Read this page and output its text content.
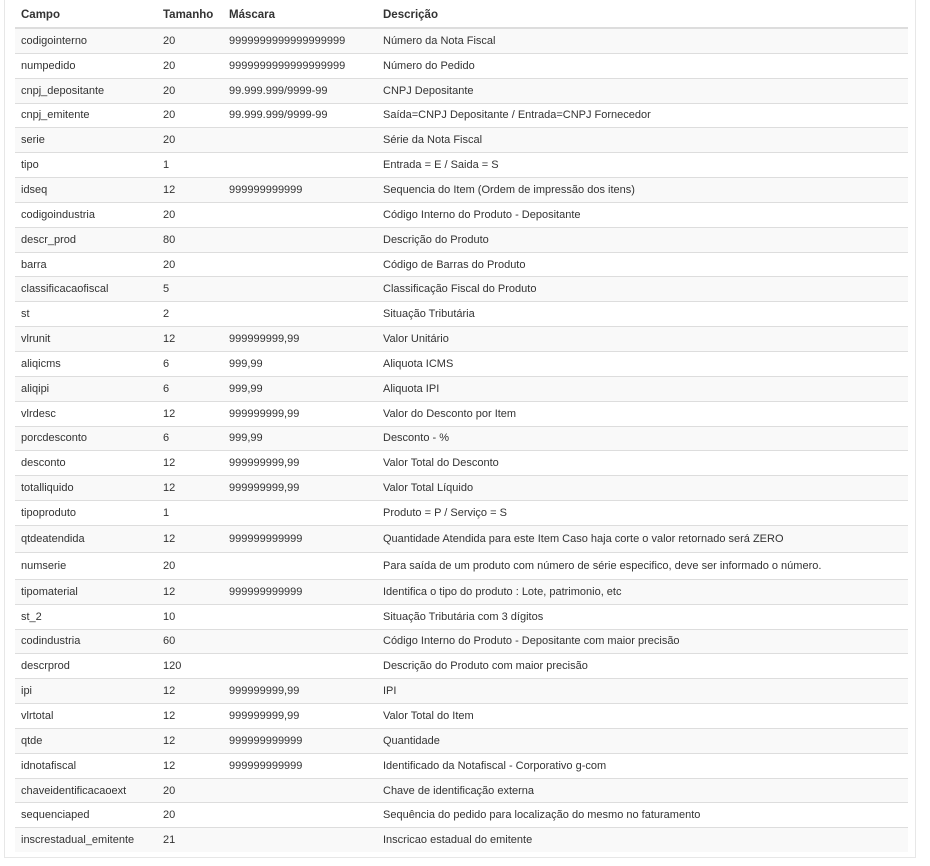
Campo	Tamanho	Máscara	Descrição
codigointerno	20	9999999999999999999	Número da Nota Fiscal
numpedido	20	9999999999999999999	Número do Pedido
cnpj_depositante	20	99.999.999/9999-99	CNPJ Depositante
cnpj_emitente	20	99.999.999/9999-99	Saída=CNPJ Depositante / Entrada=CNPJ Fornecedor
serie	20		Série da Nota Fiscal
tipo	1		Entrada = E / Saida = S
idseq	12	999999999999	Sequencia do Item (Ordem de impressão dos itens)
codigoindustria	20		Código Interno do Produto - Depositante
descr_prod	80		Descrição do Produto
barra	20		Código de Barras do Produto
classificacaofiscal	5		Classificação Fiscal do Produto
st	2		Situação Tributária
vlrunit	12	999999999,99	Valor Unitário
aliqicms	6	999,99	Aliquota ICMS
aliqipi	6	999,99	Aliquota IPI
vlrdesc	12	999999999,99	Valor do Desconto por Item
porcdesconto	6	999,99	Desconto - %
desconto	12	999999999,99	Valor Total do Desconto
totalliquido	12	999999999,99	Valor Total Líquido
tipoproduto	1		Produto = P / Serviço = S
qtdeatendida	12	999999999999	Quantidade Atendida para este Item Caso haja corte o valor retornado será ZERO
numserie	20		Para saída de um produto com número de série especifico, deve ser informado o número.
tipomaterial	12	999999999999	Identifica o tipo do produto : Lote, patrimonio, etc
st_2	10		Situação Tributária com 3 dígitos
codindustria	60		Código Interno do Produto - Depositante com maior precisão
descrprod	120		Descrição do Produto com maior precisão
ipi	12	999999999,99	IPI
vlrtotal	12	999999999,99	Valor Total do Item
qtde	12	999999999999	Quantidade
idnotafiscal	12	999999999999	Identificado da Notafiscal - Corporativo g-com
chaveidentificacaoext	20		Chave de identificação externa
sequenciaped	20		Sequência do pedido para localização do mesmo no faturamento
inscrestadual_emitente	21		Inscricao estadual do emitente
